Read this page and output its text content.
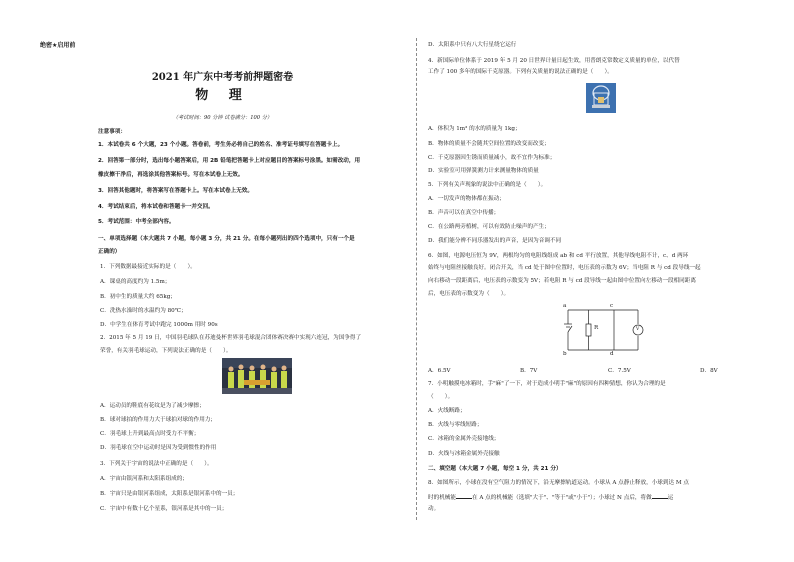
绝密★启用前
2021 年广东中考考前押题密卷
物 理
（考试时间：90 分钟 试卷满分：100 分）
注意事项：
1．本试卷共 6 个大题，23 个小题。答卷前，考生务必将自己的姓名、准考证号填写在答题卡上。
2．回答第一部分时，选出每小题答案后，用 2B 铅笔把答题卡上对应题目的答案标号涂黑。如需改动，用
橡皮擦干净后，再选涂其他答案标号。写在本试卷上无效。
3．回答其他题时，将答案写在答题卡上。写在本试卷上无效。
4．考试结束后，将本试卷和答题卡一并交回。
5．考试范围：中考全部内容。
一、单项选择题（本大题共 7 小题，每小题 3 分，共 21 分。在每小题列出的四个选项中，只有一个是
正确的）
1．下列数据最接近实际的是（　　）。
A．课桌的高度约为 1.5m；
B．初中生的质量大约 65kg；
C．洗热水澡时的水温约为 80℃；
D．中学生在体育考试中跑完 1000m 用时 90s
2．2015 年 5 月 19 日，中国羽毛球队在苏迪曼杯世界羽毛球混合团体赛决赛中实现六连冠，为国争得了
荣誉，有关羽毛球运动，下列说法正确的是（　　）。
A．运动员的鞋底有花纹是为了减少摩擦；
B．球对球拍的作用力大于球拍对球的作用力；
C．羽毛球上升到最高点时受力不平衡；
D．羽毛球在空中运动时是因为受到惯性的作用
3．下列关于宇宙的说法中正确的是（　　）。
A．宇宙由银河系和太阳系组成的；
B．宇宙只是由银河系组成，太阳系是银河系中的一员；
C．宇宙中有数十亿个星系，银河系是其中的一员；
D．太阳系中只有八大行星绕它运行
4．新国际单位体系于 2019 年 5 月 20 日世界计量日起生效，用普朗克常数定义质量的单位，以代替
工作了 100 多年的国际千克原器。下列有关质量的说法正确的是（　　）。
A．体积为 1m³ 的水的质量为 1kg；
B．物体的质量不会随其空间位置的改变而改变；
C．千克原器因生锈而质量减小，故不宜作为标准；
D．实验室可用弹簧测力计来测量物体的质量
5．下列有关声现象的说法中正确的是（　　）。
A．一切发声的物体都在振动；
B．声音可以在真空中传播；
C．在公路两旁植树，可以有效防止噪声的产生；
D．我们能分辨不同乐器发出的声音，是因为音调不同
6．如图，电源电压恒为 9V，两根均匀的电阻线组成 ab 和 cd 平行放置，其他导线电阻不计，c、d 两环
始终与电阻丝接触良好。闭合开关，当 cd 处于图中位置时，电压表的示数为 6V；当电阻 R 与 cd 段导线一起
向右移动一段距离后，电压表的示数变为 5V；若电阻 R 与 cd 段导线一起由图中位置向左移动一段相同距离
后，电压表的示数变为（　　）。
a
b
c
d
R	V
A．6.5V	B．7V	C．7.5V	D．8V
7．小明触摸电冰箱时，手"麻"了一下，对于造成小明手"麻"的原因有四种猜想，你认为合理的是
（　　）。
A．火线断路；
B．火线与零线短路；
C．冰箱的金属外壳接地线；
D．火线与冰箱金属外壳接触
二、填空题（本大题 7 小题，每空 1 分，共 21 分）
8．如图所示，小球在没有空气阻力的情况下，沿无摩擦轨道运动。小球从 A 点静止释放，小球到达 M 点
时的机械能	在 A 点的机械能（选填"大于"、"等于"或"小于"）；小球过 N 点后，将做	运
动。
